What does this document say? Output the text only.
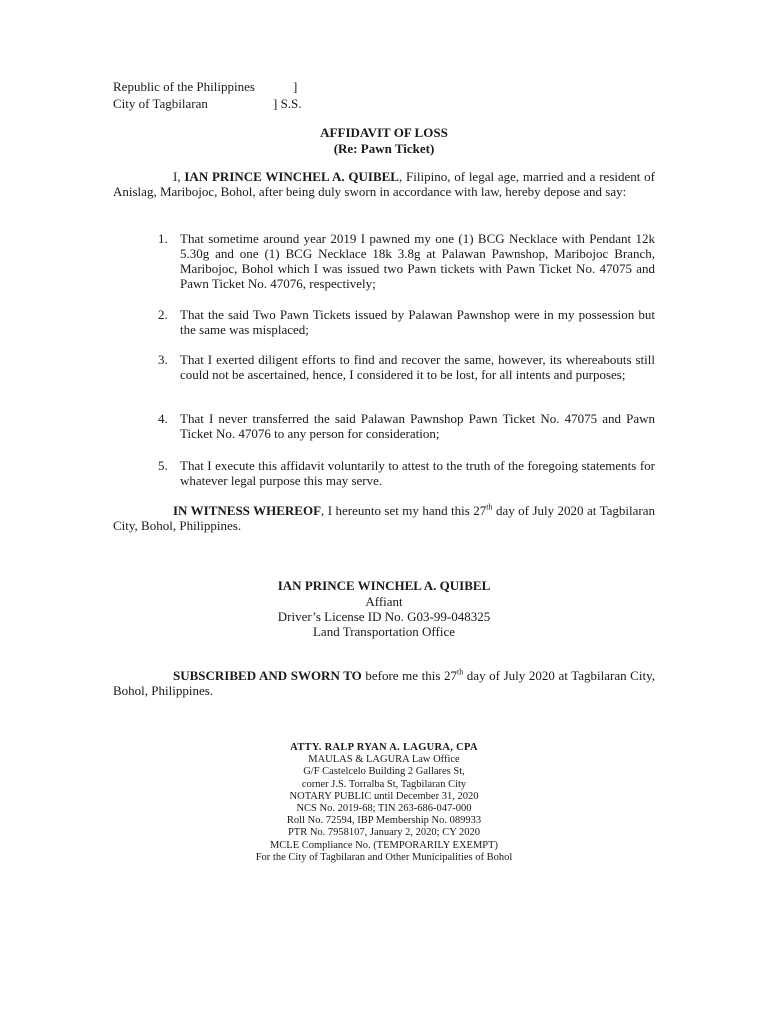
Republic of the Philippines	]
City of Tagbilaran	] S.S.
AFFIDAVIT OF LOSS
(Re: Pawn Ticket)
I, IAN PRINCE WINCHEL A. QUIBEL, Filipino, of legal age, married and a resident of Anislag, Maribojoc, Bohol, after being duly sworn in accordance with law, hereby depose and say:
1. That sometime around year 2019 I pawned my one (1) BCG Necklace with Pendant 12k 5.30g and one (1) BCG Necklace 18k 3.8g at Palawan Pawnshop, Maribojoc Branch, Maribojoc, Bohol which I was issued two Pawn tickets with Pawn Ticket No. 47075 and Pawn Ticket No. 47076, respectively;
2. That the said Two Pawn Tickets issued by Palawan Pawnshop were in my possession but the same was misplaced;
3. That I exerted diligent efforts to find and recover the same, however, its whereabouts still could not be ascertained, hence, I considered it to be lost, for all intents and purposes;
4. That I never transferred the said Palawan Pawnshop Pawn Ticket No. 47075 and Pawn Ticket No. 47076 to any person for consideration;
5. That I execute this affidavit voluntarily to attest to the truth of the foregoing statements for whatever legal purpose this may serve.
IN WITNESS WHEREOF, I hereunto set my hand this 27th day of July 2020 at Tagbilaran City, Bohol, Philippines.
IAN PRINCE WINCHEL A. QUIBEL
Affiant
Driver’s License ID No. G03-99-048325
Land Transportation Office
SUBSCRIBED AND SWORN TO before me this 27th day of July 2020 at Tagbilaran City, Bohol, Philippines.
ATTY. RALP RYAN A. LAGURA, CPA
MAULAS & LAGURA Law Office
G/F Castelcelo Building 2 Gallares St,
corner J.S. Torralba St, Tagbilaran City
NOTARY PUBLIC until December 31, 2020
NCS No. 2019-68; TIN 263-686-047-000
Roll No. 72594, IBP Membership No. 089933
PTR No. 7958107, January 2, 2020; CY 2020
MCLE Compliance No. (TEMPORARILY EXEMPT)
For the City of Tagbilaran and Other Municipalities of Bohol
